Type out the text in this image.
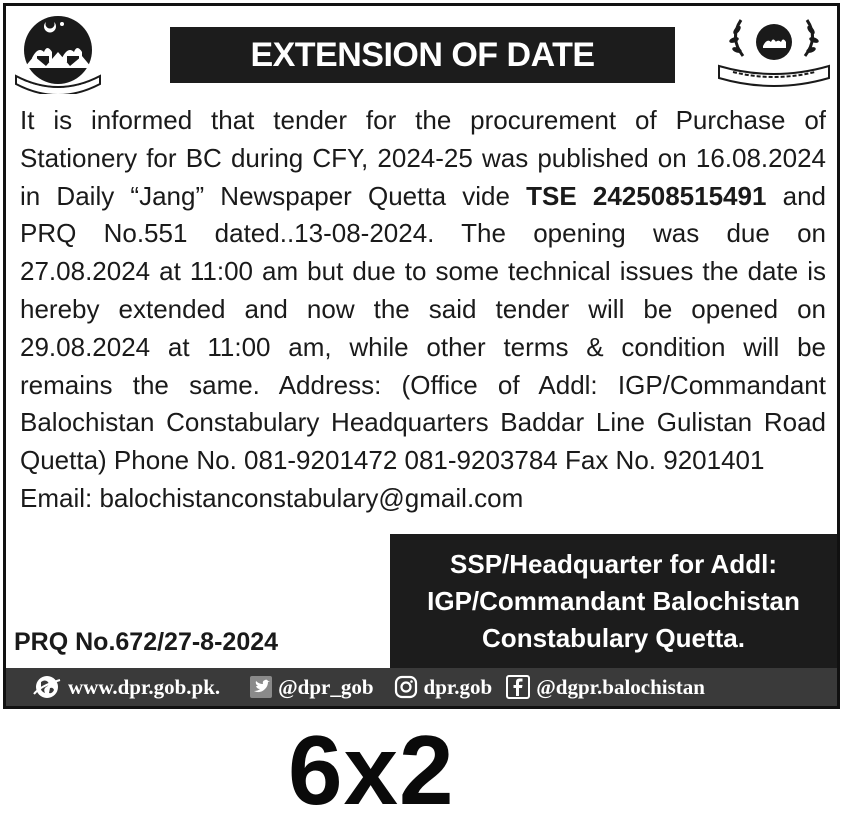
EXTENSION OF DATE
It is informed that tender for the procurement of Purchase of
Stationery for BC during CFY, 2024-25 was published on 16.08.2024
in Daily “Jang” Newspaper Quetta vide TSE 242508515491 and
PRQ No.551 dated..13-08-2024. The opening was due on
27.08.2024 at 11:00 am but due to some technical issues the date is
hereby extended and now the said tender will be opened on
29.08.2024 at 11:00 am, while other terms & condition will be
remains the same. Address: (Office of Addl: IGP/Commandant
Balochistan Constabulary Headquarters Baddar Line Gulistan Road
Quetta) Phone No. 081-9201472 081-9203784 Fax No. 9201401
Email: balochistanconstabulary@gmail.com
SSP/Headquarter for Addl:
IGP/Commandant Balochistan
Constabulary Quetta.
PRQ No.672/27-8-2024
www.dpr.gob.pk.	@dpr_gob dpr.gob @dgpr.balochistan
6x2
